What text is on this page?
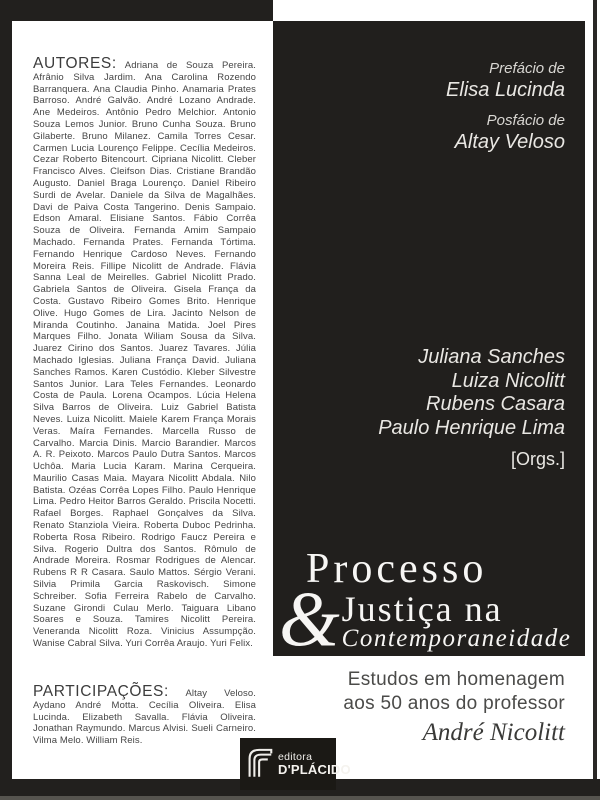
AUTORES: Adriana de Souza Pereira. Afrânio Silva Jardim. Ana Carolina Rozendo Barranquera. Ana Claudia Pinho. Anamaria Prates Barroso. André Galvão. André Lozano Andrade. Ane Medeiros. Antônio Pedro Melchior. Antonio Souza Lemos Junior. Bruno Cunha Souza. Bruno Gilaberte. Bruno Milanez. Camila Torres Cesar. Carmen Lucia Lourenço Felippe. Cecília Medeiros. Cezar Roberto Bitencourt. Cipriana Nicolitt. Cleber Francisco Alves. Cleifson Dias. Cristiane Brandão Augusto. Daniel Braga Lourenço. Daniel Ribeiro Surdi de Avelar. Daniele da Silva de Magalhães. Davi de Paiva Costa Tangerino. Denis Sampaio. Edson Amaral. Elisiane Santos. Fábio Corrêa Souza de Oliveira. Fernanda Amim Sampaio Machado. Fernanda Prates. Fernanda Tórtima. Fernando Henrique Cardoso Neves. Fernando Moreira Reis. Fillipe Nicolitt de Andrade. Flávia Sanna Leal de Meirelles. Gabriel Nicolitt Prado. Gabriela Santos de Oliveira. Gisela França da Costa. Gustavo Ribeiro Gomes Brito. Henrique Olive. Hugo Gomes de Lira. Jacinto Nelson de Miranda Coutinho. Janaina Matida. Joel Pires Marques Filho. Jonata Wiliam Sousa da Silva. Juarez Cirino dos Santos. Juarez Tavares. Júlia Machado Iglesias. Juliana França David. Juliana Sanches Ramos. Karen Custódio. Kleber Silvestre Santos Junior. Lara Teles Fernandes. Leonardo Costa de Paula. Lorena Ocampos. Lúcia Helena Silva Barros de Oliveira. Luiz Gabriel Batista Neves. Luiza Nicolitt. Maiele Karem França Morais Veras. Maíra Fernandes. Marcella Russo de Carvalho. Marcia Dinis. Marcio Barandier. Marcos A. R. Peixoto. Marcos Paulo Dutra Santos. Marcos Uchôa. Maria Lucia Karam. Marina Cerqueira. Maurilio Casas Maia. Mayara Nicolitt Abdala. Nilo Batista. Ozéas Corrêa Lopes Filho. Paulo Henrique Lima. Pedro Heitor Barros Geraldo. Priscila Nocetti. Rafael Borges. Raphael Gonçalves da Silva. Renato Stanziola Vieira. Roberta Duboc Pedrinha. Roberta Rosa Ribeiro. Rodrigo Faucz Pereira e Silva. Rogerio Dultra dos Santos. Rômulo de Andrade Moreira. Rosmar Rodrigues de Alencar. Rubens R R Casara. Saulo Mattos. Sérgio Verani. Silvia Primila Garcia Raskovisch. Simone Schreiber. Sofia Ferreira Rabelo de Carvalho. Suzane Girondi Culau Merlo. Taiguara Libano Soares e Souza. Tamires Nicolitt Pereira. Veneranda Nicolitt Roza. Vinicius Assumpção. Wanise Cabral Silva. Yuri Corrêa Araujo. Yuri Felix.

PARTICIPAÇÕES: Altay Veloso. Aydano André Motta. Cecília Oliveira. Elisa Lucinda. Elizabeth Savalla. Flávia Oliveira. Jonathan Raymundo. Marcus Alvisi. Sueli Carneiro. Vilma Melo. William Reis.

Prefácio de
Elisa Lucinda
Posfácio de
Altay Veloso
Juliana Sanches
Luiza Nicolitt
Rubens Casara
Paulo Henrique Lima
[Orgs.]
Processo
& Justiça na
Contemporaneidade
Estudos em homenagem
aos 50 anos do professor
André Nicolitt
editora
D'PLÁCIDO
